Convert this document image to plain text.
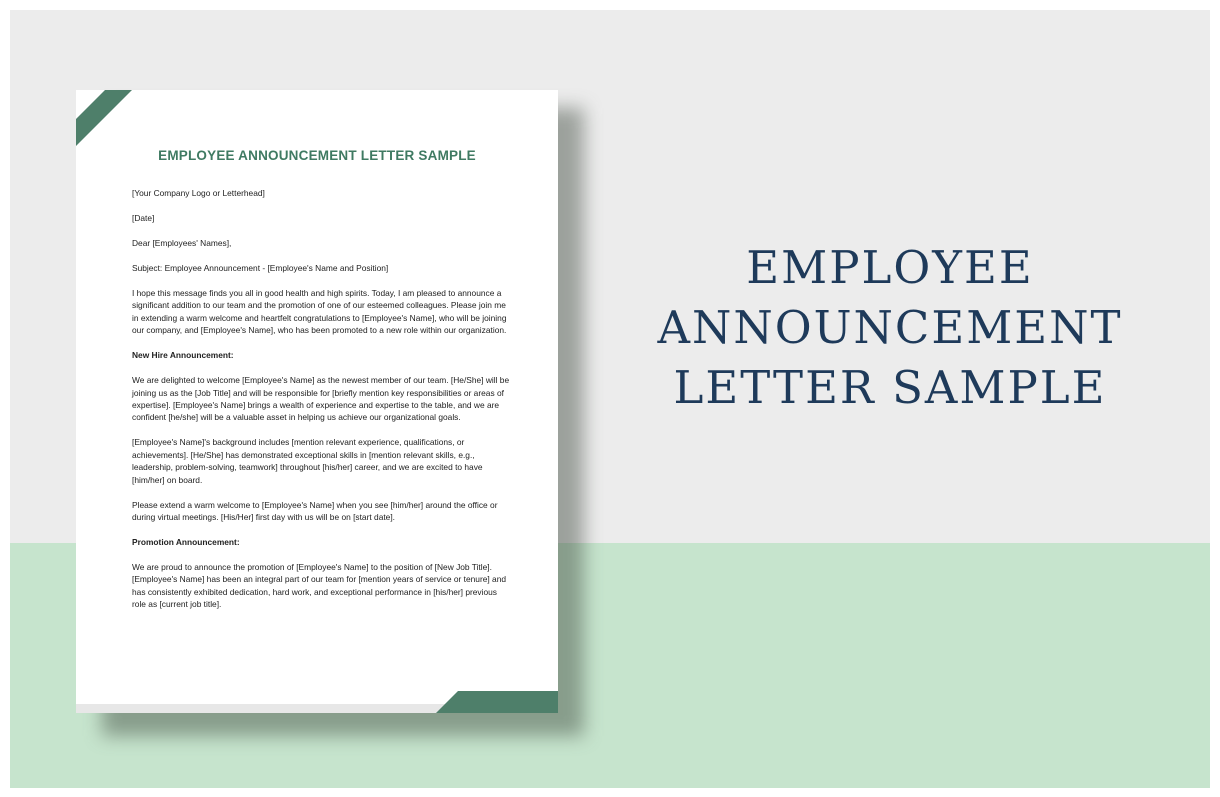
EMPLOYEE ANNOUNCEMENT LETTER SAMPLE

[Your Company Logo or Letterhead]

[Date]

Dear [Employees' Names],

Subject: Employee Announcement - [Employee's Name and Position]

I hope this message finds you all in good health and high spirits. Today, I am pleased to announce a significant addition to our team and the promotion of one of our esteemed colleagues. Please join me in extending a warm welcome and heartfelt congratulations to [Employee's Name], who will be joining our company, and [Employee's Name], who has been promoted to a new role within our organization.

New Hire Announcement:

We are delighted to welcome [Employee's Name] as the newest member of our team. [He/She] will be joining us as the [Job Title] and will be responsible for [briefly mention key responsibilities or areas of expertise]. [Employee's Name] brings a wealth of experience and expertise to the table, and we are confident [he/she] will be a valuable asset in helping us achieve our organizational goals.

[Employee's Name]'s background includes [mention relevant experience, qualifications, or achievements]. [He/She] has demonstrated exceptional skills in [mention relevant skills, e.g., leadership, problem-solving, teamwork] throughout [his/her] career, and we are excited to have [him/her] on board.

Please extend a warm welcome to [Employee's Name] when you see [him/her] around the office or during virtual meetings. [His/Her] first day with us will be on [start date].

Promotion Announcement:

We are proud to announce the promotion of [Employee's Name] to the position of [New Job Title]. [Employee's Name] has been an integral part of our team for [mention years of service or tenure] and has consistently exhibited dedication, hard work, and exceptional performance in [his/her] previous role as [current job title].

EMPLOYEE
ANNOUNCEMENT
LETTER SAMPLE
